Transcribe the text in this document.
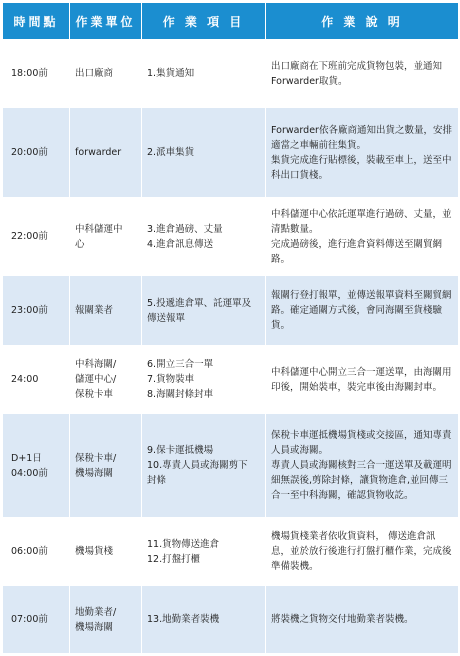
時間點	作業單位	作 業 項 目	作 業 說 明

18:00前	出口廠商	1.集貨通知	出口廠商在下班前完成貨物包裝，並通知Forwarder取貨。

20:00前	forwarder	2.派車集貨	Forwarder依各廠商通知出貨之數量，安排適當之車輛前往集貨。
集貨完成進行貼標後，裝載至車上，送至中科出口貨棧。

22:00前	中科儲運中
心	3.進倉過磅、丈量
4.進倉訊息傳送	中科儲運中心依託運單進行過磅、丈量，並清點數量。
完成過磅後，進行進倉資料傳送至關貿網路。

23:00前	報關業者	5.投遞進倉單、託運單及
傳送報單	報關行登打報單，並傳送報單資料至關貿網路。確定通關方式後，會同海關至貨棧驗貨。

24:00	中科海關/
儲運中心/
保稅卡車	6.開立三合一單
7.貨物裝車
8.海關封條封車	中科儲運中心開立三合一運送單，由海關用印後，開始裝車，裝完車後由海關封車。

D+1日
04:00前	保稅卡車/
機場海關	9.保卡運抵機場
10.專責人員或海關剪下
封條	保稅卡車運抵機場貨棧或交接區，通知專責人員或海關。
專責人員或海關核對三合一運送單及載運明細無誤後,剪除封條，讓貨物進倉,並回傳三合一至中科海關，確認貨物收訖。

06:00前	機場貨棧	11.貨物傳送進倉
12.打盤打櫃	機場貨棧業者依收貨資料， 傳送進倉訊息，並於放行後進行打盤打櫃作業，完成後準備裝機。

07:00前	地勤業者/
機場海關	13.地勤業者裝機	將裝機之貨物交付地勤業者裝機。
